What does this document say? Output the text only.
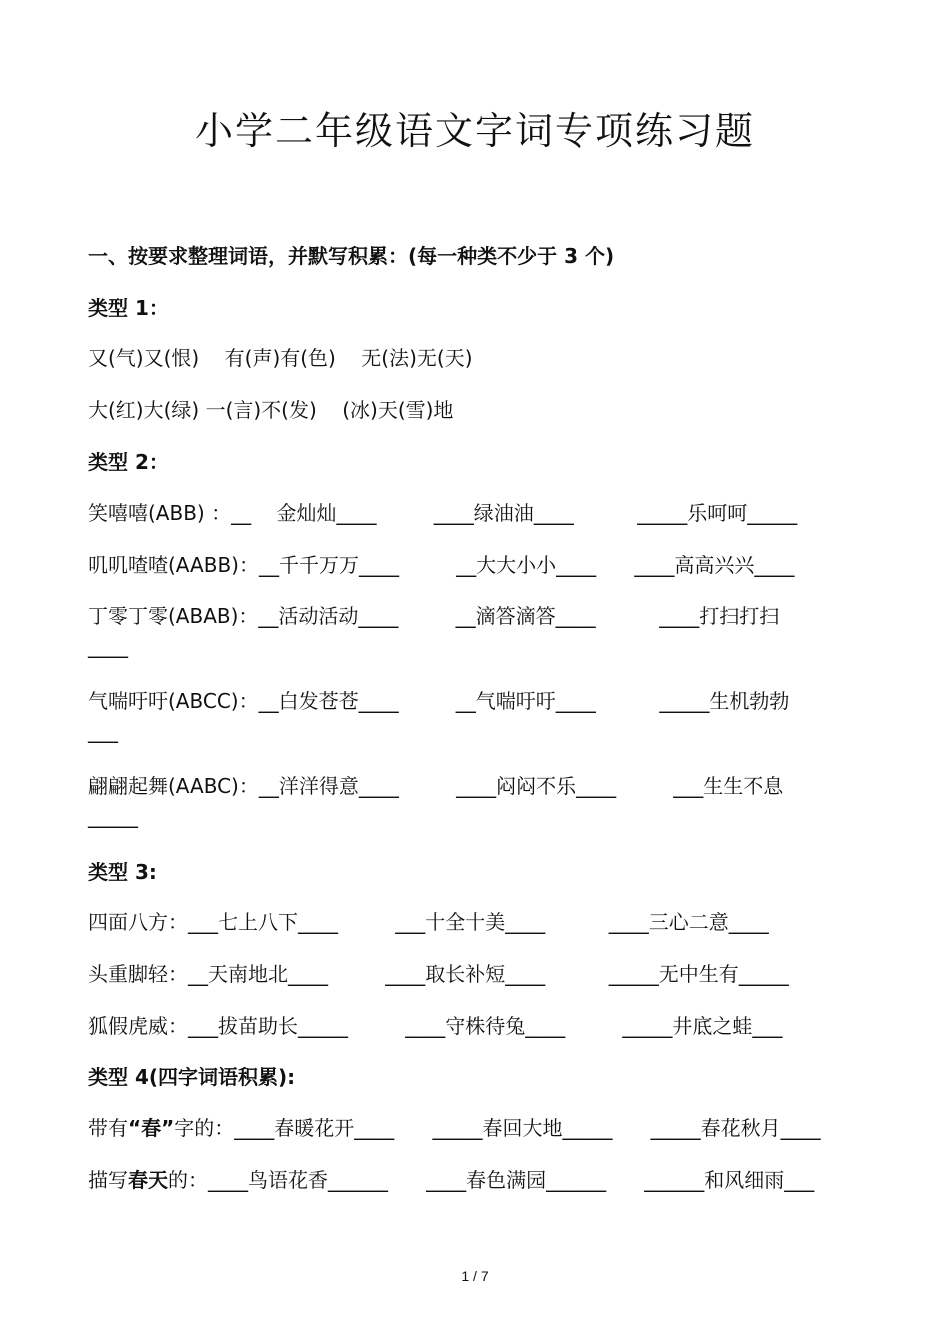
小学二年级语文字词专项练习题
一、按要求整理词语，并默写积累：(每一种类不少于 3 个)
类型 1：
又(气)又(恨)    有(声)有(色)    无(法)无(天)
大(红)大(绿) 一(言)不(发)    (冰)天(雪)地
类型 2：
笑嘻嘻(ABB) ：__    金灿灿____         ____绿油油____          _____乐呵呵_____
叽叽喳喳(AABB)：__千千万万____         __大大小小____      ____高高兴兴____
丁零丁零(ABAB)：__活动活动____         __滴答滴答____          ____打扫打扫
____
气喘吁吁(ABCC)：__白发苍苍____         __气喘吁吁____          _____生机勃勃
___
翩翩起舞(AABC)：__洋洋得意____         ____闷闷不乐____         ___生生不息
_____
类型 3:
四面八方：___七上八下____         ___十全十美____          ____三心二意____
头重脚轻：__天南地北____         ____取长补短____          _____无中生有_____
狐假虎威：___拔苗助长_____         ____守株待兔____         _____井底之蛙___
类型 4(四字词语积累):
带有“春”字的：____春暖花开____      _____春回大地_____      _____春花秋月____
描写春天的：____鸟语花香______      ____春色满园______      ______和风细雨___
1 / 7
